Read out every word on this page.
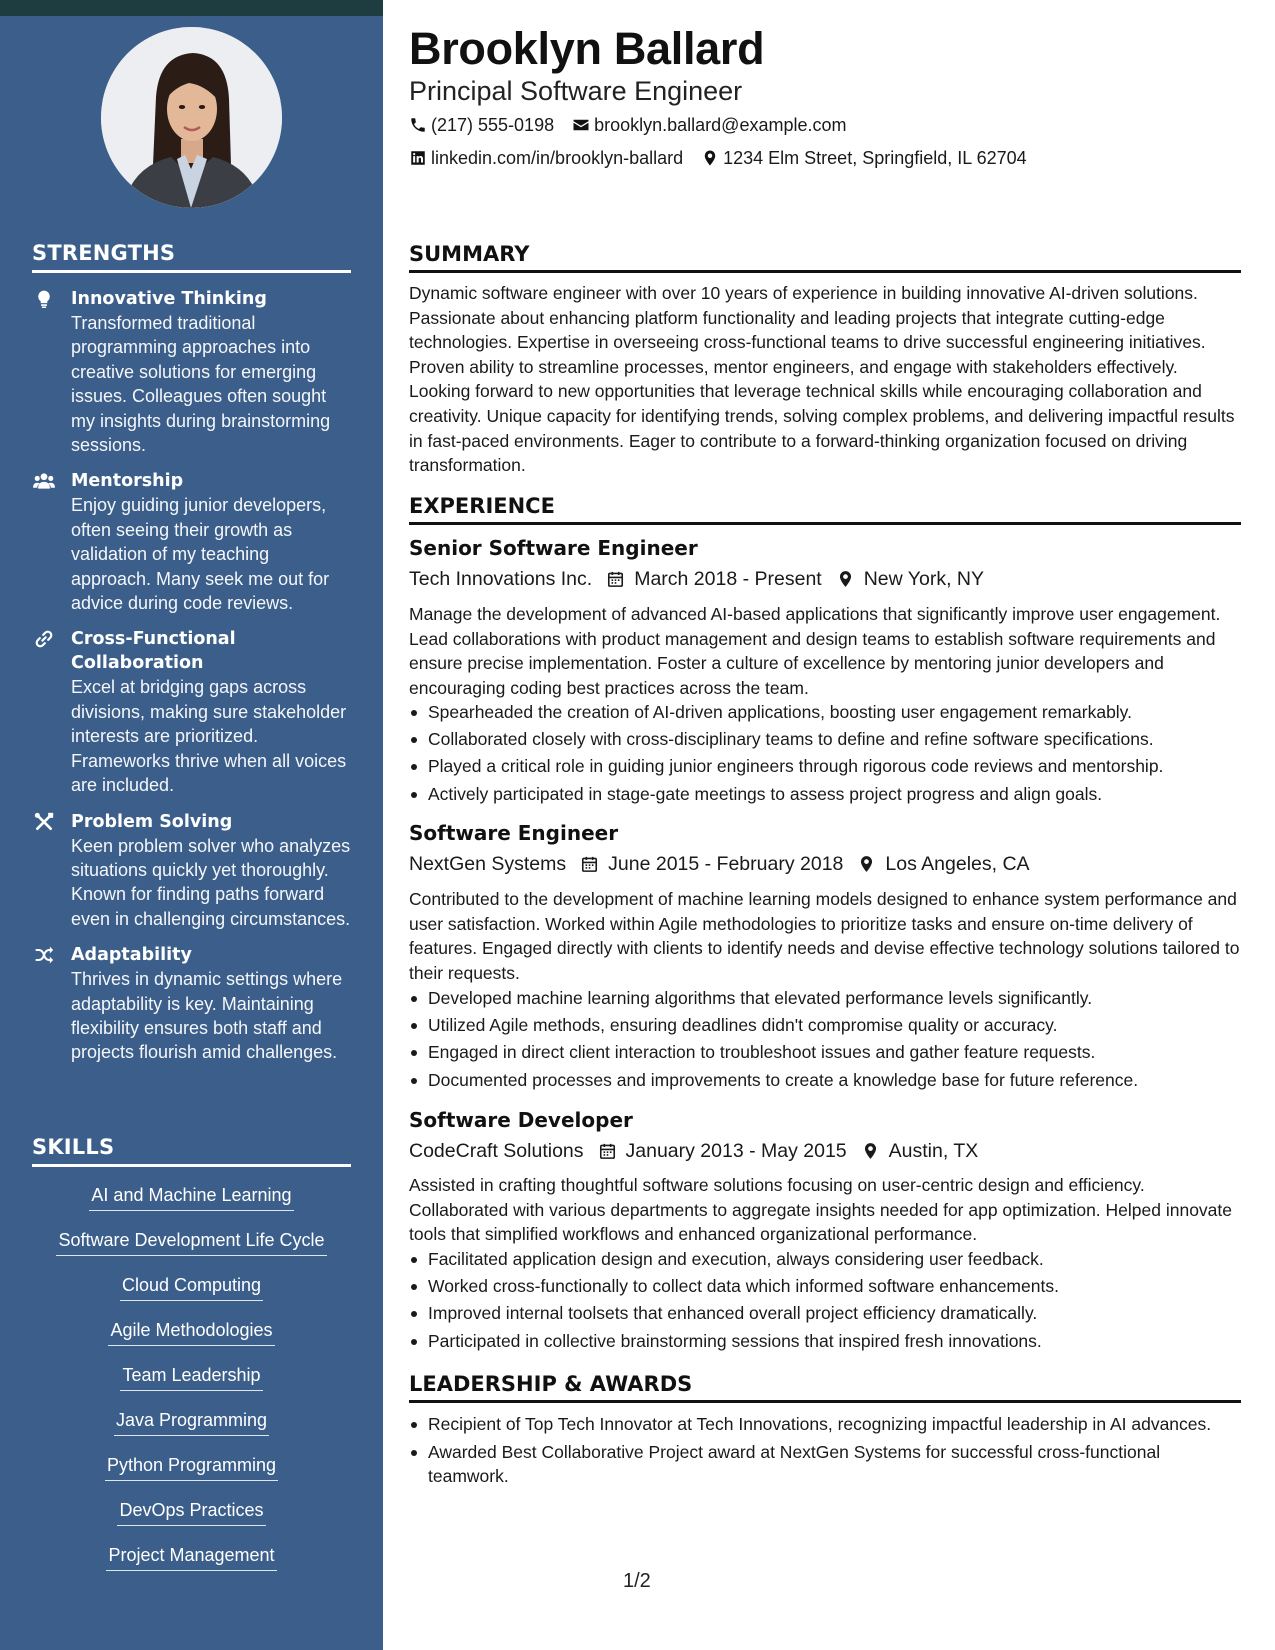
STRENGTHS
Innovative Thinking
Transformed traditional programming approaches into creative solutions for emerging issues. Colleagues often sought my insights during brainstorming sessions.
Mentorship
Enjoy guiding junior developers, often seeing their growth as validation of my teaching approach. Many seek me out for advice during code reviews.
Cross-Functional Collaboration
Excel at bridging gaps across divisions, making sure stakeholder interests are prioritized. Frameworks thrive when all voices are included.
Problem Solving
Keen problem solver who analyzes situations quickly yet thoroughly. Known for finding paths forward even in challenging circumstances.
Adaptability
Thrives in dynamic settings where adaptability is key. Maintaining flexibility ensures both staff and projects flourish amid challenges.
SKILLS
AI and Machine Learning
Software Development Life Cycle
Cloud Computing
Agile Methodologies
Team Leadership
Java Programming
Python Programming
DevOps Practices
Project Management
Brooklyn Ballard
Principal Software Engineer
(217) 555-0198 brooklyn.ballard@example.com
linkedin.com/in/brooklyn-ballard 1234 Elm Street, Springfield, IL 62704
SUMMARY

Dynamic software engineer with over 10 years of experience in building innovative AI-driven solutions. Passionate about enhancing platform functionality and leading projects that integrate cutting-edge technologies. Expertise in overseeing cross-functional teams to drive successful engineering initiatives. Proven ability to streamline processes, mentor engineers, and engage with stakeholders effectively. Looking forward to new opportunities that leverage technical skills while encouraging collaboration and creativity. Unique capacity for identifying trends, solving complex problems, and delivering impactful results in fast-paced environments. Eager to contribute to a forward-thinking organization focused on driving transformation.

EXPERIENCE
Senior Software Engineer
Tech Innovations Inc. March 2018 - Present New York, NY

Manage the development of advanced AI-based applications that significantly improve user engagement. Lead collaborations with product management and design teams to establish software requirements and ensure precise implementation. Foster a culture of excellence by mentoring junior developers and encouraging coding best practices across the team.

Spearheaded the creation of AI-driven applications, boosting user engagement remarkably.
Collaborated closely with cross-disciplinary teams to define and refine software specifications.
Played a critical role in guiding junior engineers through rigorous code reviews and mentorship.
Actively participated in stage-gate meetings to assess project progress and align goals.
Software Engineer
NextGen Systems June 2015 - February 2018 Los Angeles, CA

Contributed to the development of machine learning models designed to enhance system performance and user satisfaction. Worked within Agile methodologies to prioritize tasks and ensure on-time delivery of features. Engaged directly with clients to identify needs and devise effective technology solutions tailored to their requests.

Developed machine learning algorithms that elevated performance levels significantly.
Utilized Agile methods, ensuring deadlines didn't compromise quality or accuracy.
Engaged in direct client interaction to troubleshoot issues and gather feature requests.
Documented processes and improvements to create a knowledge base for future reference.
Software Developer
CodeCraft Solutions January 2013 - May 2015 Austin, TX

Assisted in crafting thoughtful software solutions focusing on user-centric design and efficiency. Collaborated with various departments to aggregate insights needed for app optimization. Helped innovate tools that simplified workflows and enhanced organizational performance.

Facilitated application design and execution, always considering user feedback.
Worked cross-functionally to collect data which informed software enhancements.
Improved internal toolsets that enhanced overall project efficiency dramatically.
Participated in collective brainstorming sessions that inspired fresh innovations.
LEADERSHIP & AWARDS
Recipient of Top Tech Innovator at Tech Innovations, recognizing impactful leadership in AI advances.
Awarded Best Collaborative Project award at NextGen Systems for successful cross-functional teamwork.
1/2
